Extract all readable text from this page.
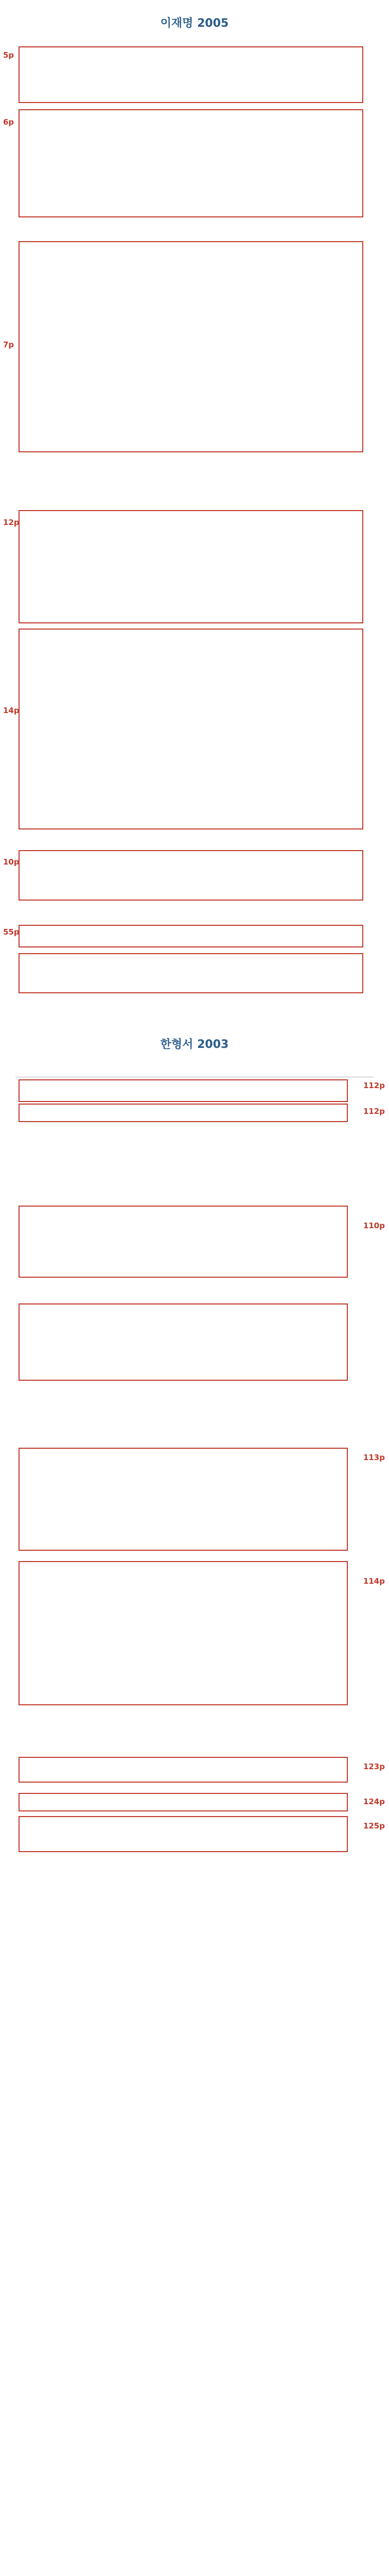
이재명 2005
5p
6p
7p
12p
14p
10p
55p
한형서 2003
112p
112p
110p
113p
114p
123p
124p
125p
